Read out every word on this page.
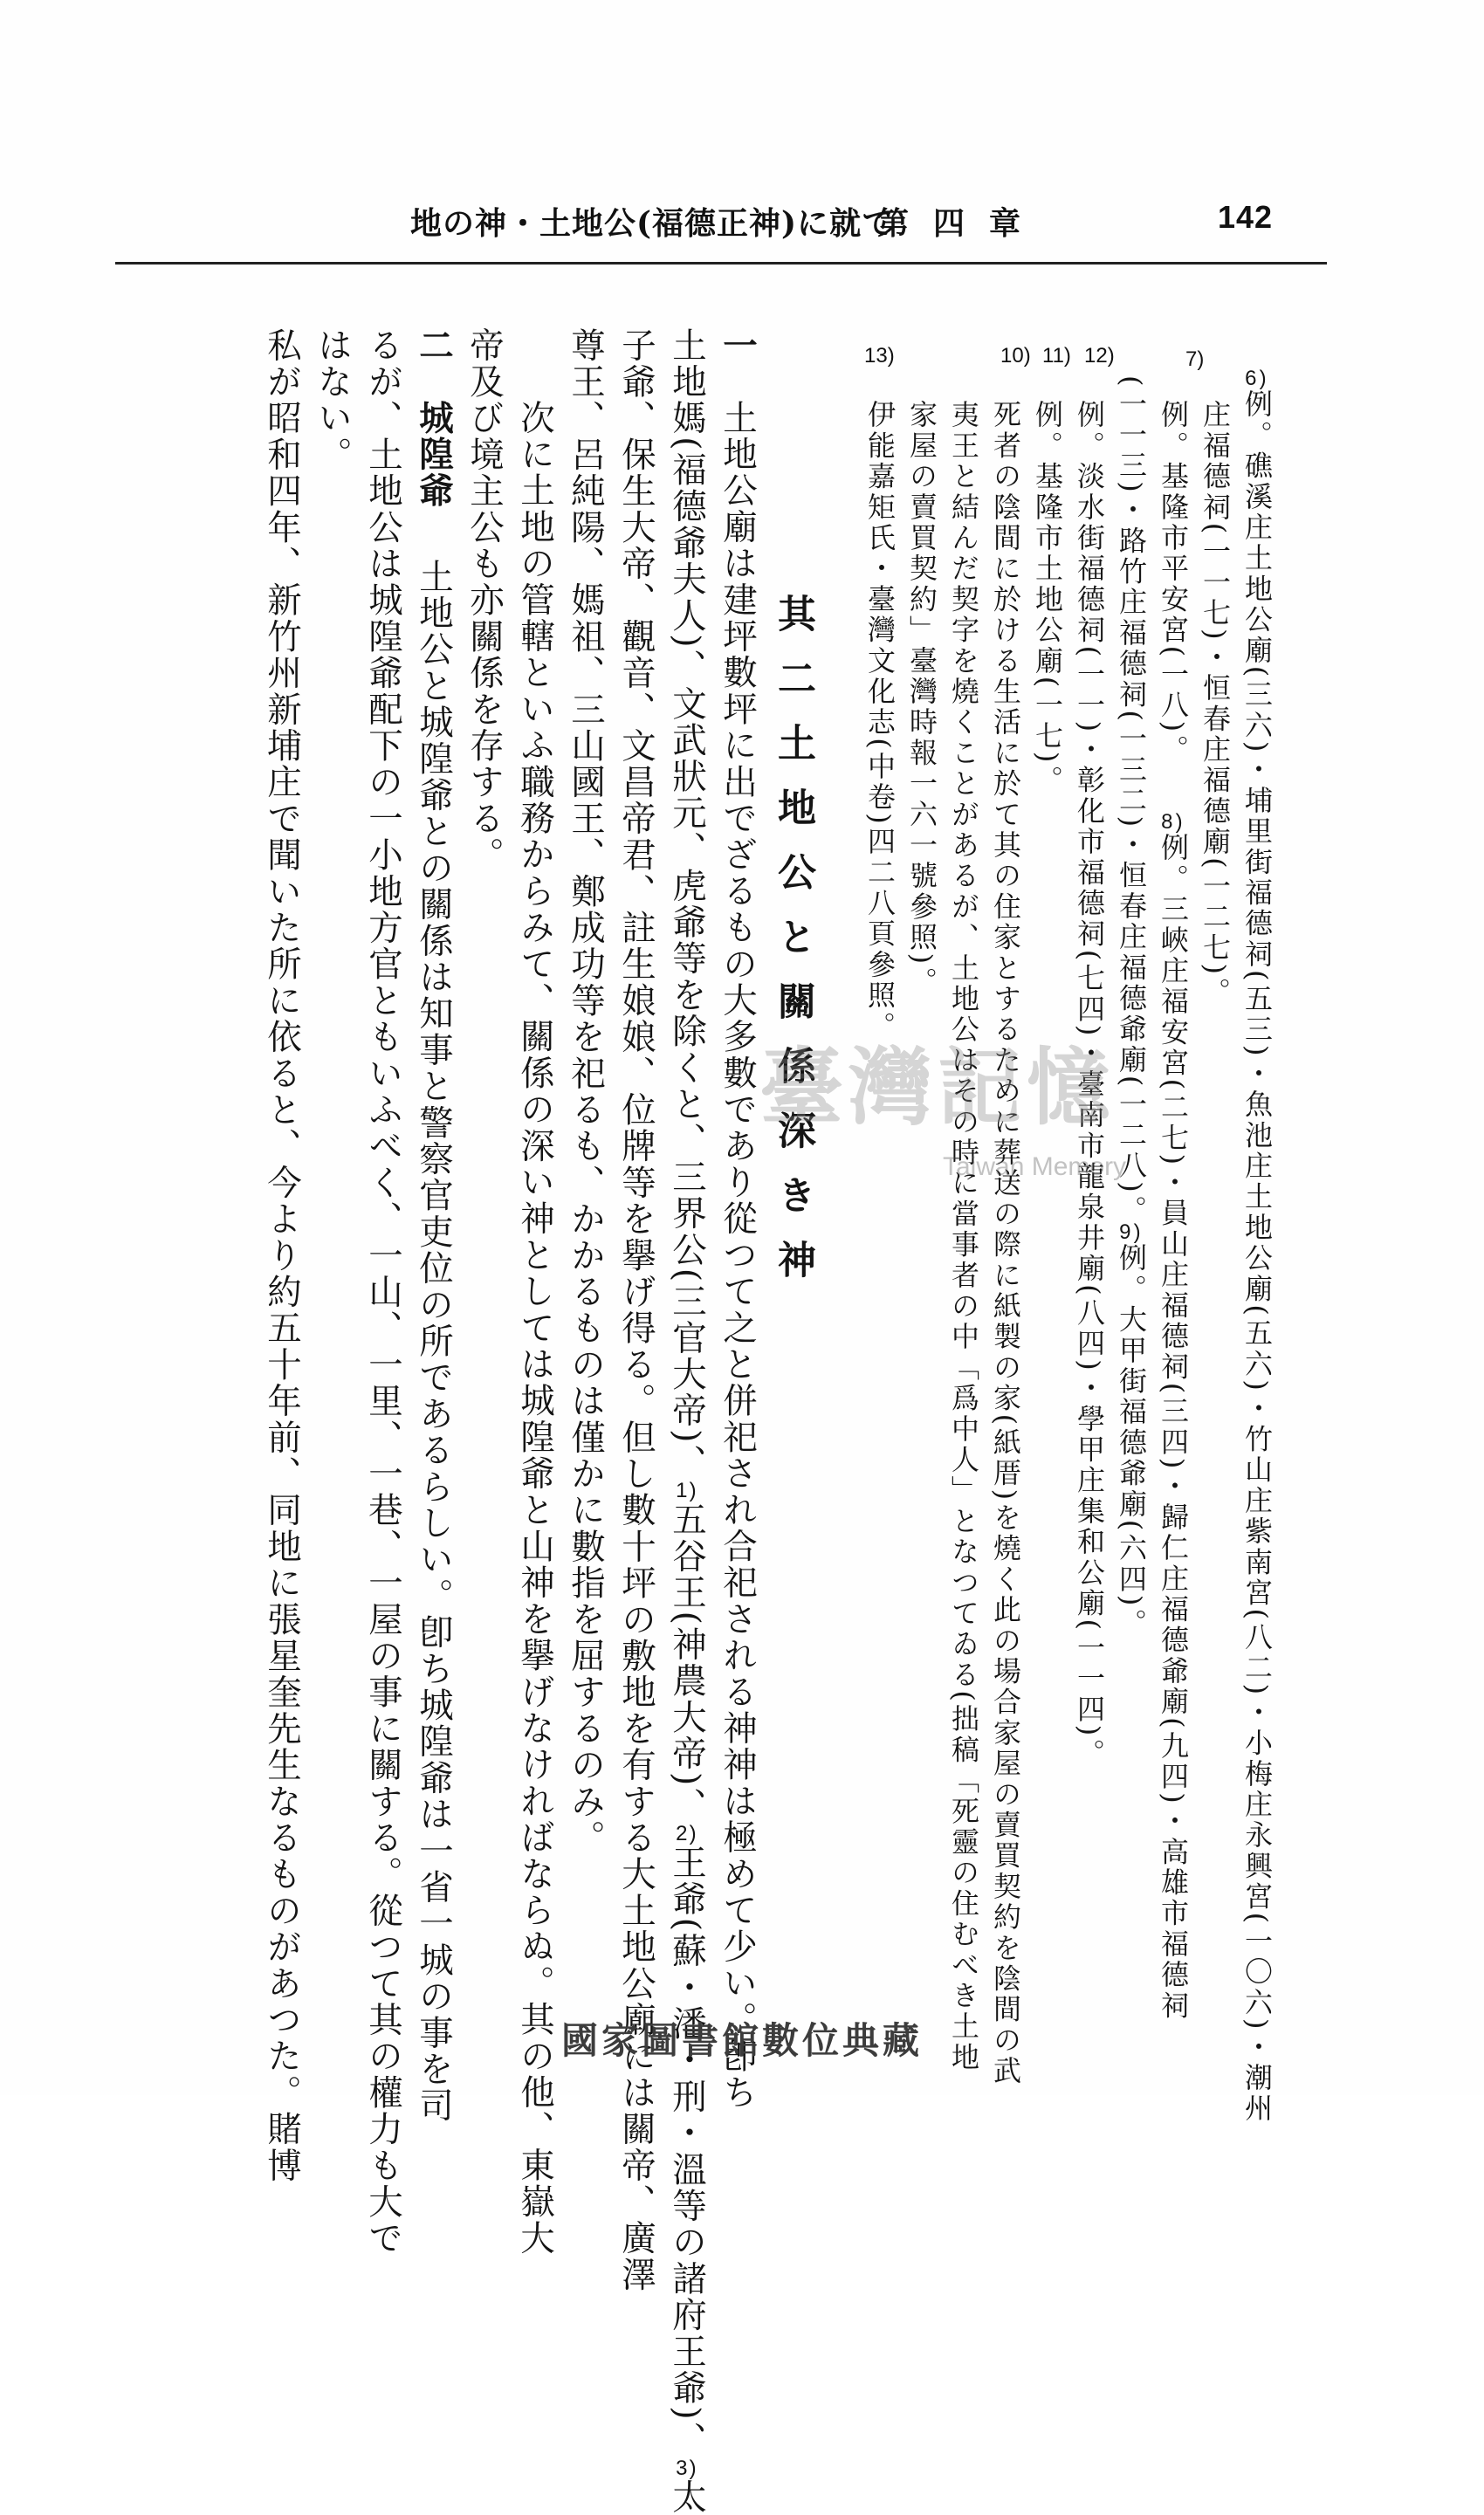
142
第四章
地の神・土地公(福德正神)に就て
6)例。礁溪庄土地公廟(三六)・埔里街福德祠(五三)・魚池庄土地公廟(五六)・竹山庄紫南宮(八二)・小梅庄永興宮(一〇六)・潮州
庄福德祠(一一七)・恒春庄福德廟(一二七)。
例。基隆市平安宮(一八)。
7)
8)例。三峽庄福安宮(二七)・員山庄福德祠(三四)・歸仁庄福德爺廟(九四)・高雄市福德祠
(一一三)・路竹庄福德祠(一三二)・恒春庄福德爺廟(一二八)。
9)例。大甲街福德爺廟(六四)。
例。淡水街福德祠(一一)・彰化市福德祠(七四)・臺南市龍泉井廟(八四)・學甲庄集和公廟(一一四)。
例。基隆市土地公廟(一七)。
死者の陰間に於ける生活に於て其の住家とするために葬送の際に紙製の家(紙厝)を燒く此の場合家屋の賣買契約を陰間の武
夷王と結んだ契字を燒くことがあるが、土地公はその時に當事者の中「爲中人」となつてゐる(拙稿「死靈の住むべき土地
家屋の賣買契約」臺灣時報一六一號參照)。
伊能嘉矩氏・臺灣文化志(中卷)四二八頁參照。
10) 11) 12)
13)
其二土地公と關係深き神
一
土地公廟は建坪數坪に出でざるもの大多數であり從つて之と併祀され合祀される神神は極めて少い。卽ち
土地媽(福德爺夫人)、文武狀元、虎爺等を除くと、三界公(三官大帝)、1)五谷王(神農大帝)、2)王爺(蘇・潘・刑・溫等の諸府王爺)、3)太
子爺、保生大帝、觀音、文昌帝君、註生娘娘、位牌等を擧げ得る。但し數十坪の敷地を有する大土地公廟には關帝、廣澤
尊王、呂純陽、媽祖、三山國王、鄭成功等を祀るも、かかるものは僅かに數指を屈するのみ。
次に土地の管轄といふ職務からみて、關係の深い神としては城隍爺と山神を擧げなければならぬ。其の他、東嶽大
帝及び境主公も亦關係を存する。
二
城隍爺
土地公と城隍爺との關係は知事と警察官吏位の所であるらしい。卽ち城隍爺は一省一城の事を司
るが、土地公は城隍爺配下の一小地方官ともいふべく、一山、一里、一巷、一屋の事に關する。從つて其の權力も大で
はない。
私が昭和四年、新竹州新埔庄で聞いた所に依ると、今より約五十年前、同地に張星奎先生なるものがあつた。賭博	臺灣記憶
Taiwan Memory
國家圖書館數位典藏
